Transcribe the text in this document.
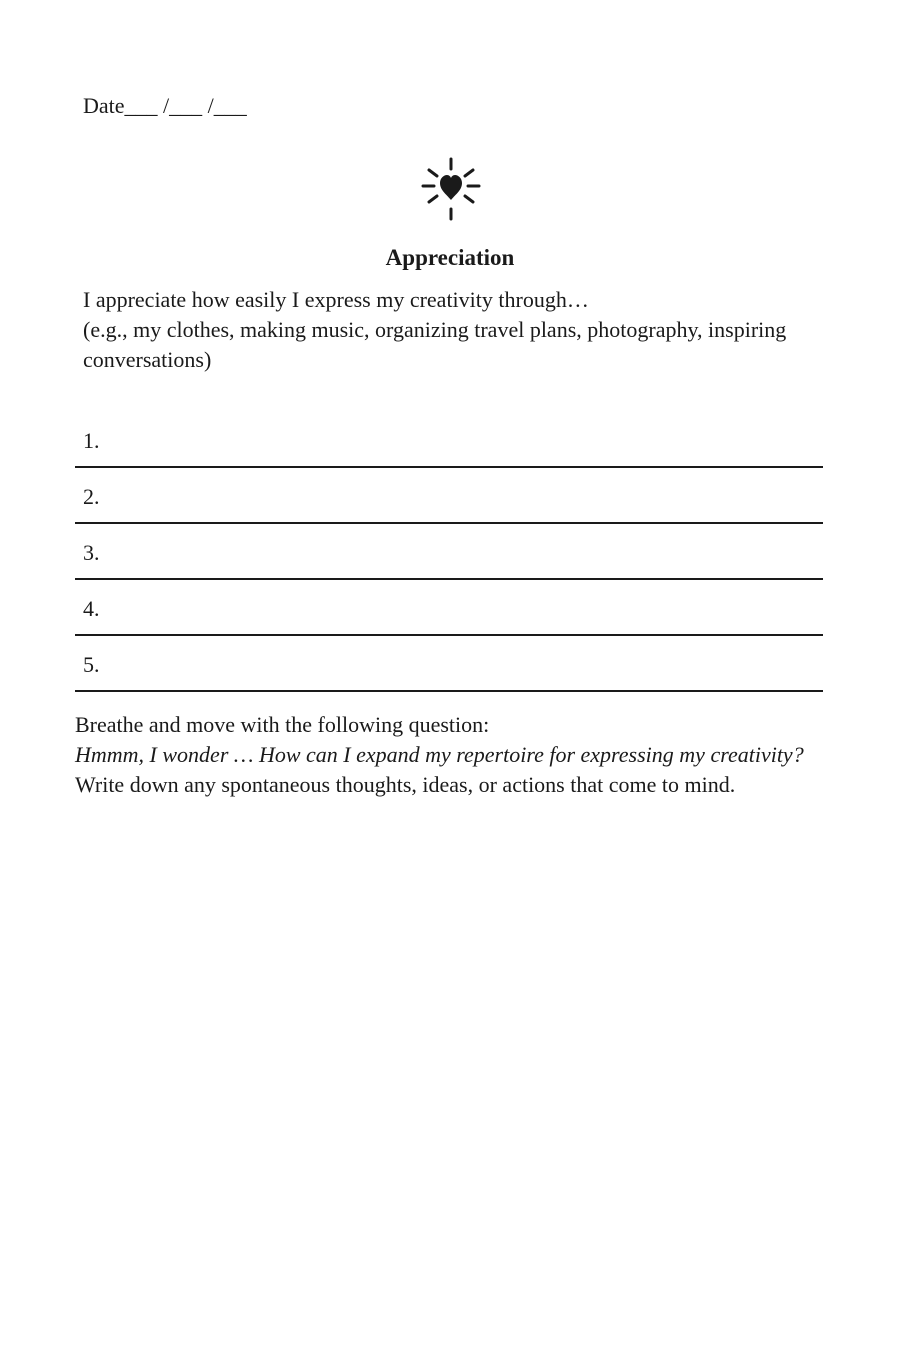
Date___ /___ /___
Appreciation

I appreciate how easily I express my creativity through…

(e.g., my clothes, making music, organizing travel plans, photography, inspiring conversations)

1.
2.
3.
4.
5.

Breathe and move with the following question:

Hmmm, I wonder … How can I expand my repertoire for expressing my creativity?

Write down any spontaneous thoughts, ideas, or actions that come to mind.
